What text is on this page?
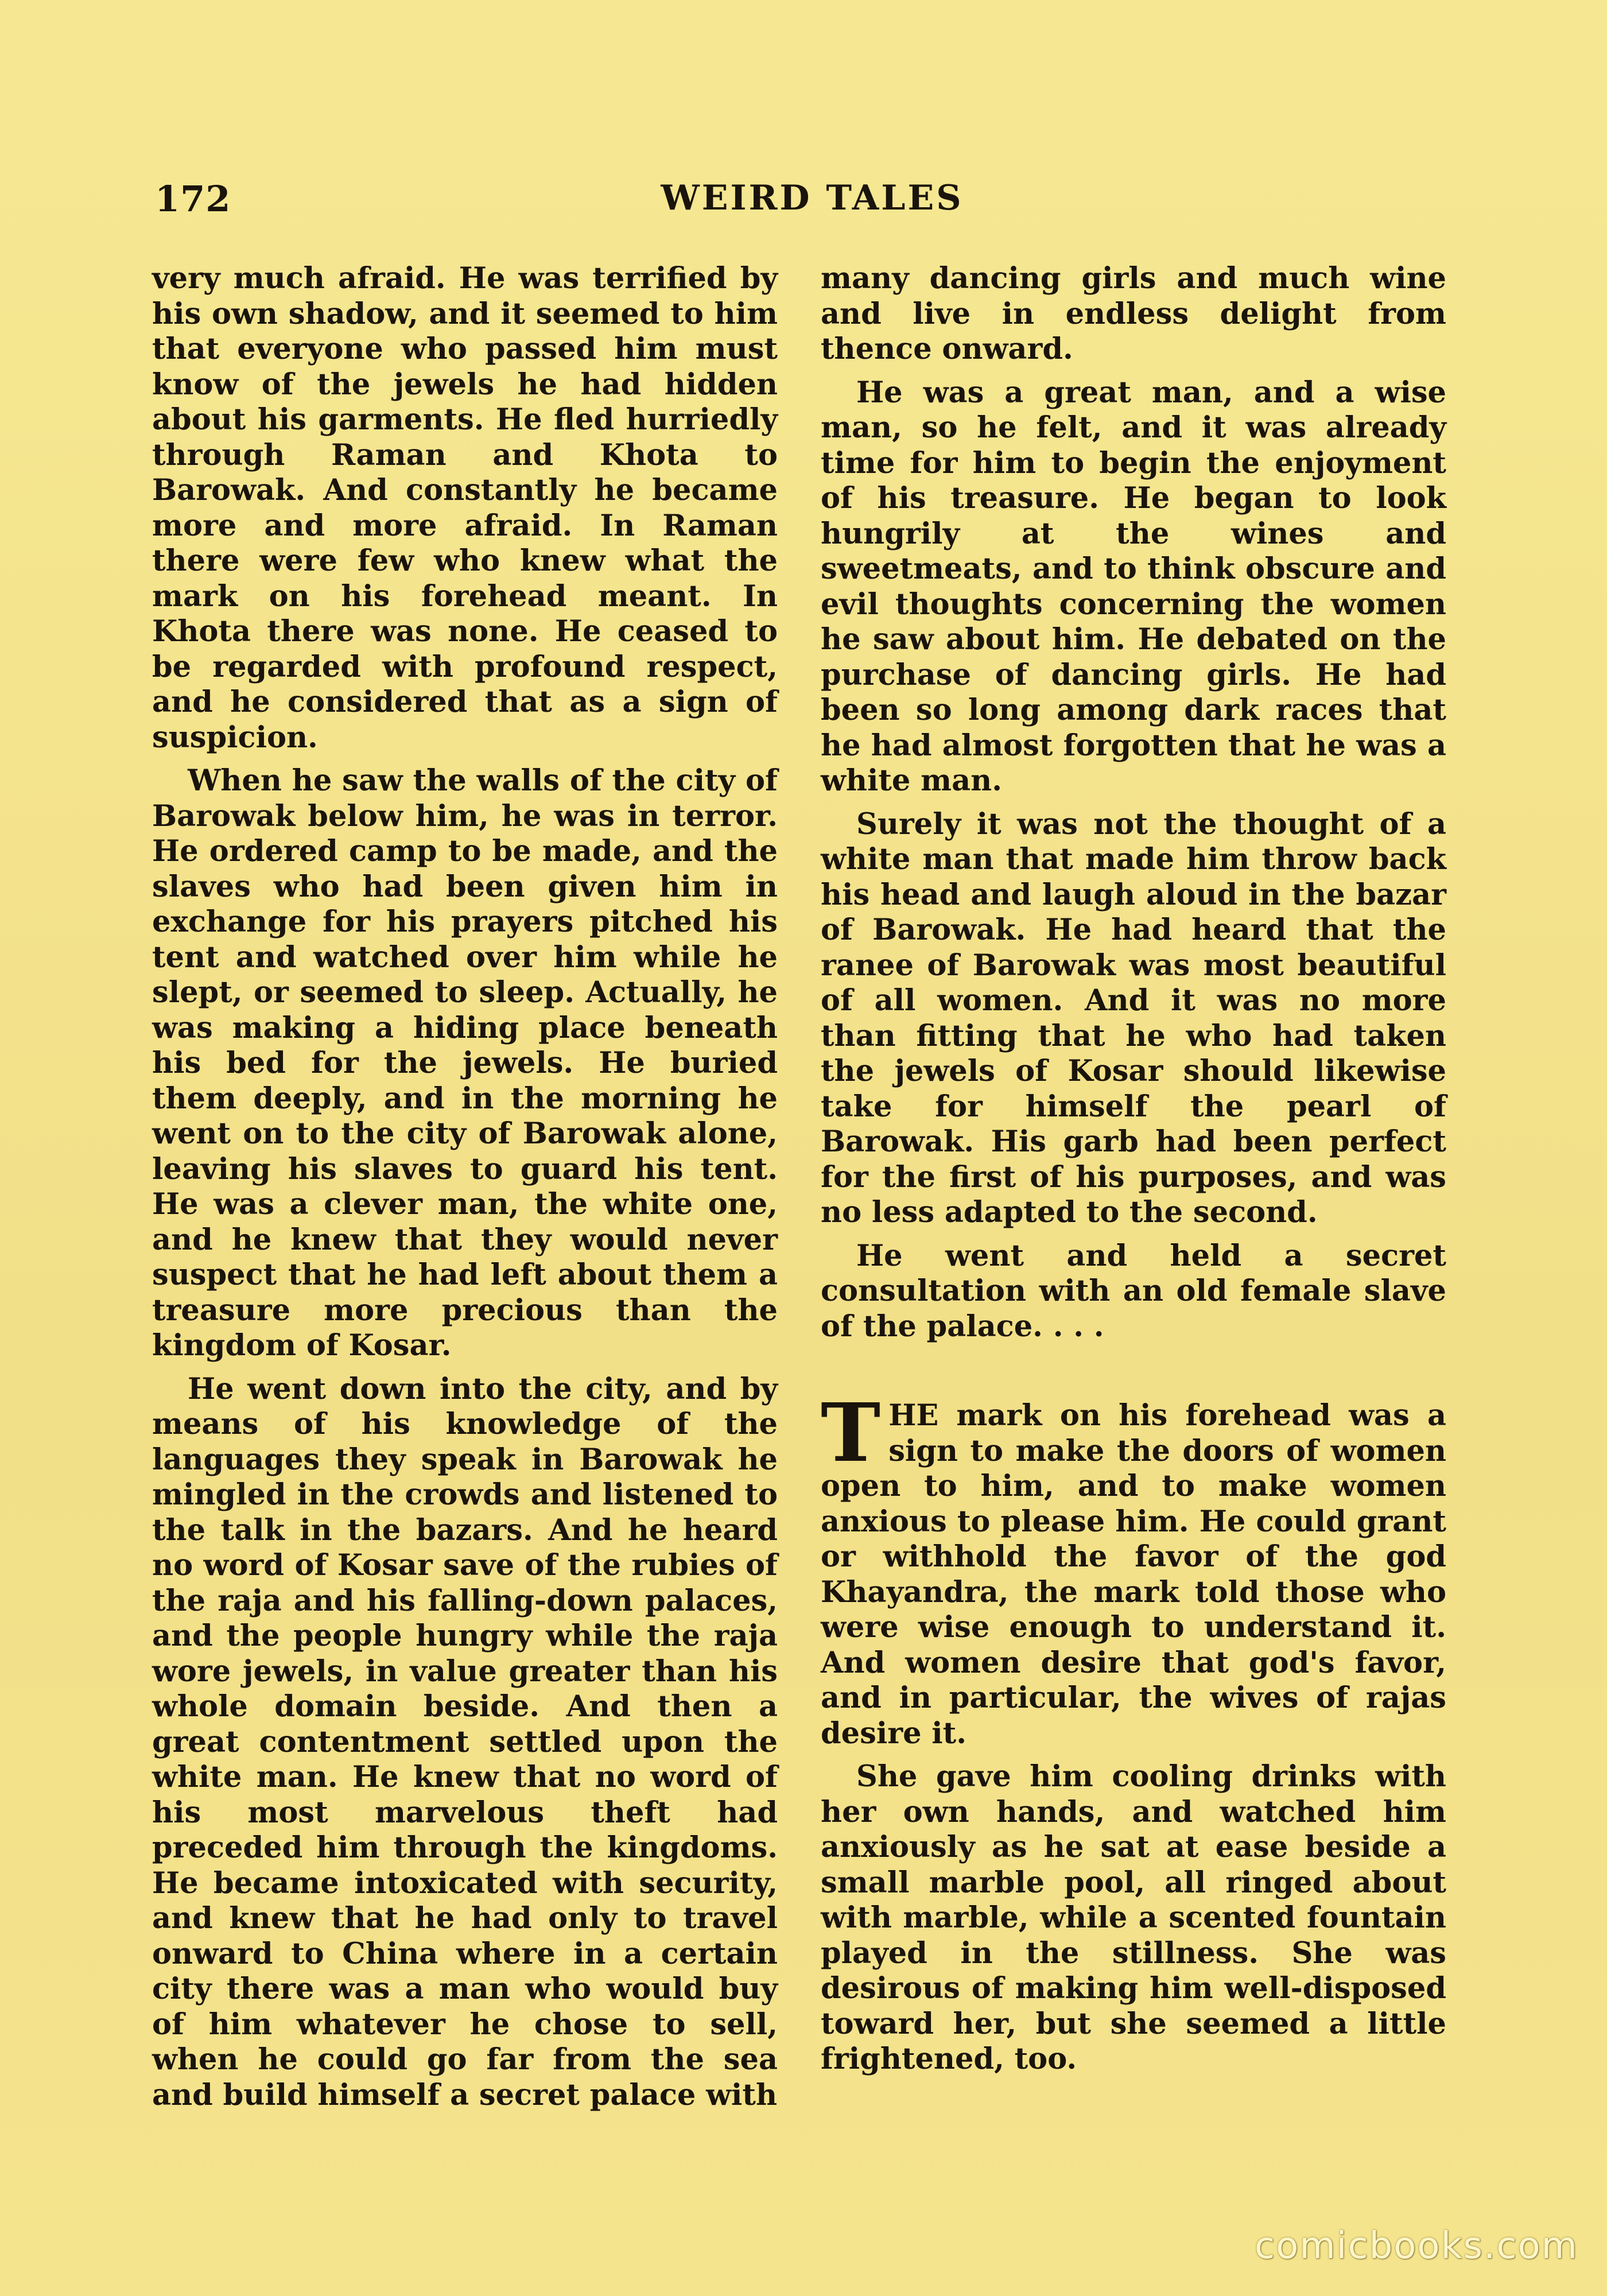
172	WEIRD TALES

very much afraid. He was terrified by his own shadow, and it seemed to him that everyone who passed him must know of the jewels he had hidden about his garments. He fled hurriedly through Raman and Khota to Barowak. And constantly he became more and more afraid. In Raman there were few who knew what the mark on his forehead meant. In Khota there was none. He ceased to be regarded with profound respect, and he considered that as a sign of suspicion.

When he saw the walls of the city of Barowak below him, he was in terror. He ordered camp to be made, and the slaves who had been given him in exchange for his prayers pitched his tent and watched over him while he slept, or seemed to sleep. Actually, he was making a hiding place beneath his bed for the jewels. He buried them deeply, and in the morning he went on to the city of Barowak alone, leaving his slaves to guard his tent. He was a clever man, the white one, and he knew that they would never suspect that he had left about them a treasure more precious than the kingdom of Kosar.

He went down into the city, and by means of his knowledge of the languages they speak in Barowak he mingled in the crowds and listened to the talk in the bazars. And he heard no word of Kosar save of the rubies of the raja and his falling-down palaces, and the people hungry while the raja wore jewels, in value greater than his whole domain beside. And then a great contentment settled upon the white man. He knew that no word of his most marvelous theft had preceded him through the kingdoms. He became intoxicated with security, and knew that he had only to travel onward to China where in a certain city there was a man who would buy of him whatever he chose to sell, when he could go far from the sea and build himself a secret palace with

many dancing girls and much wine and live in endless delight from thence onward.

He was a great man, and a wise man, so he felt, and it was already time for him to begin the enjoyment of his treasure. He began to look hungrily at the wines and sweetmeats, and to think obscure and evil thoughts concerning the women he saw about him. He debated on the purchase of dancing girls. He had been so long among dark races that he had almost forgotten that he was a white man.

Surely it was not the thought of a white man that made him throw back his head and laugh aloud in the bazar of Barowak. He had heard that the ranee of Barowak was most beautiful of all women. And it was no more than fitting that he who had taken the jewels of Kosar should likewise take for himself the pearl of Barowak. His garb had been perfect for the first of his purposes, and was no less adapted to the second.

He went and held a secret consultation with an old female slave of the palace. . . .

THE mark on his forehead was a sign to make the doors of women open to him, and to make women anxious to please him. He could grant or withhold the favor of the god Khayandra, the mark told those who were wise enough to understand it. And women desire that god's favor, and in particular, the wives of rajas desire it.

She gave him cooling drinks with her own hands, and watched him anxiously as he sat at ease beside a small marble pool, all ringed about with marble, while a scented fountain played in the stillness. She was desirous of making him well-disposed toward her, but she seemed a little frightened, too.

comicbooks.com
